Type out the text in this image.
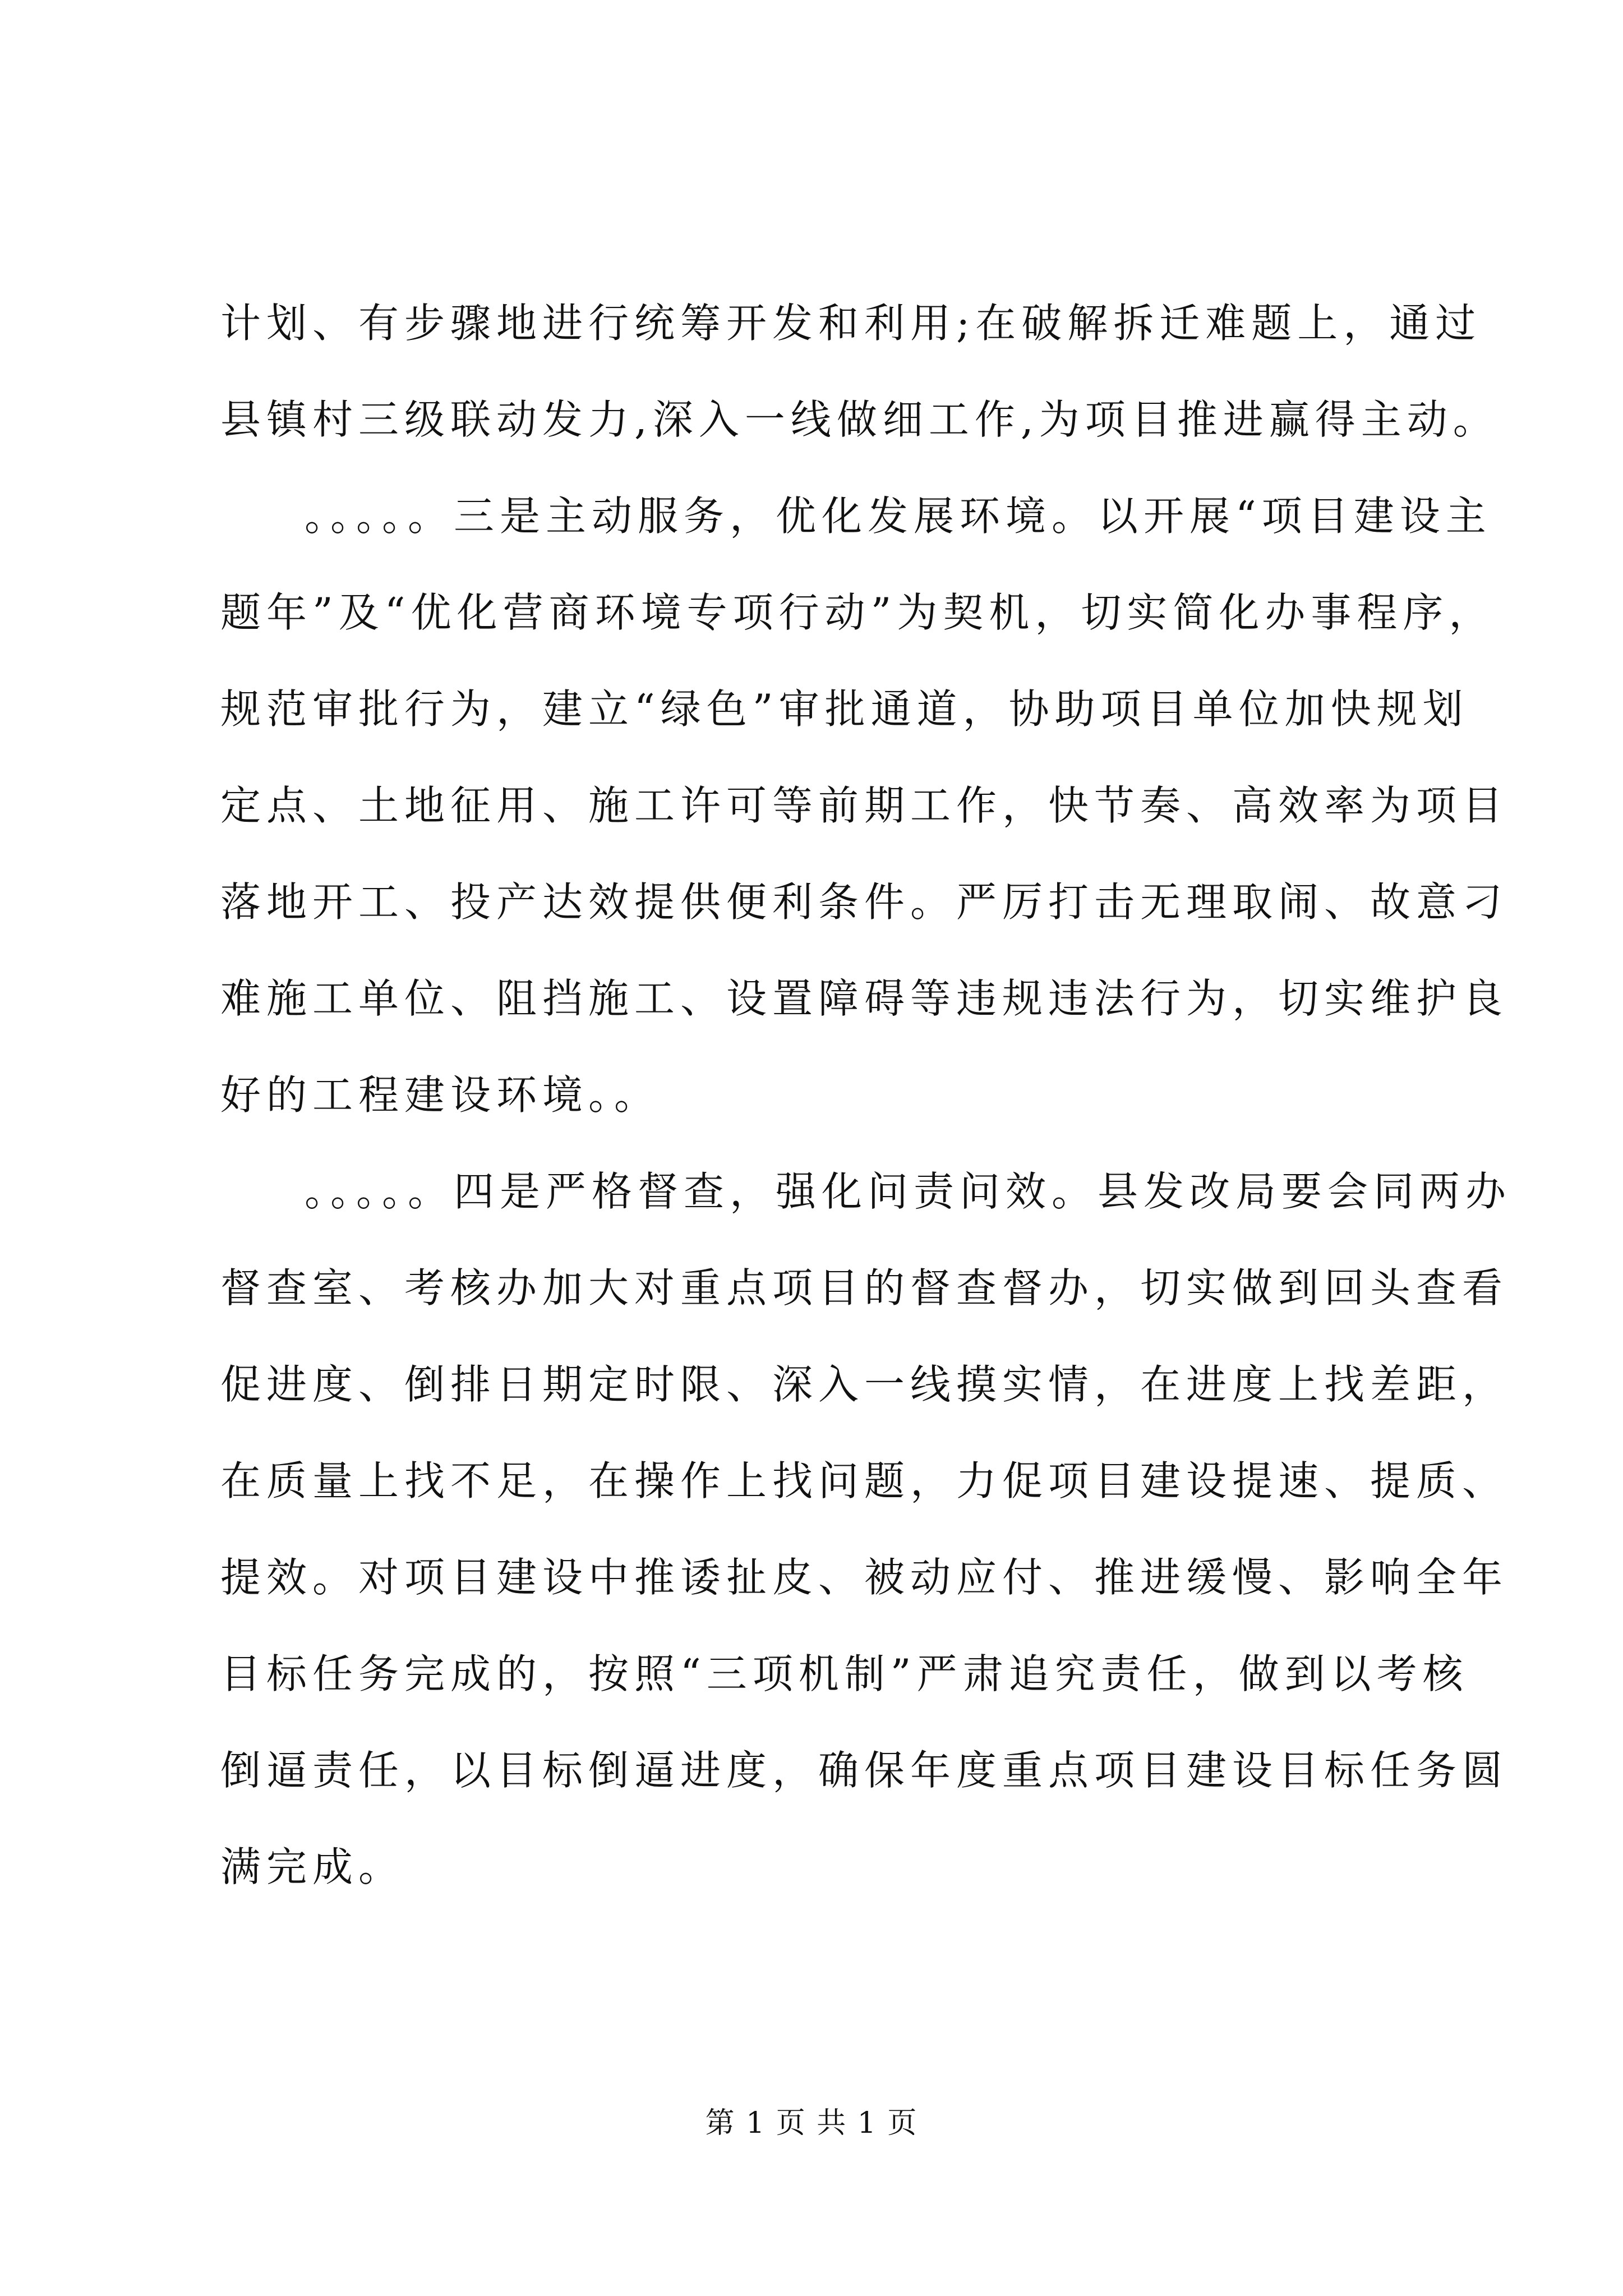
计划、有步骤地进行统筹开发和利用;在破解拆迁难题上，通过
县镇村三级联动发力,深入一线做细工作,为项目推进赢得主动。
。。。。。三是主动服务，优化发展环境。以开展“项目建设主
题年”及“优化营商环境专项行动”为契机，切实简化办事程序，
规范审批行为，建立“绿色”审批通道，协助项目单位加快规划
定点、土地征用、施工许可等前期工作，快节奏、高效率为项目
落地开工、投产达效提供便利条件。严厉打击无理取闹、故意刁
难施工单位、阻挡施工、设置障碍等违规违法行为，切实维护良
好的工程建设环境。。
。。。。。四是严格督查，强化问责问效。县发改局要会同两办
督查室、考核办加大对重点项目的督查督办，切实做到回头查看
促进度、倒排日期定时限、深入一线摸实情，在进度上找差距，
在质量上找不足，在操作上找问题，力促项目建设提速、提质、
提效。对项目建设中推诿扯皮、被动应付、推进缓慢、影响全年
目标任务完成的，按照“三项机制”严肃追究责任，做到以考核
倒逼责任，以目标倒逼进度，确保年度重点项目建设目标任务圆
满完成。
第 1 页 共 1 页
